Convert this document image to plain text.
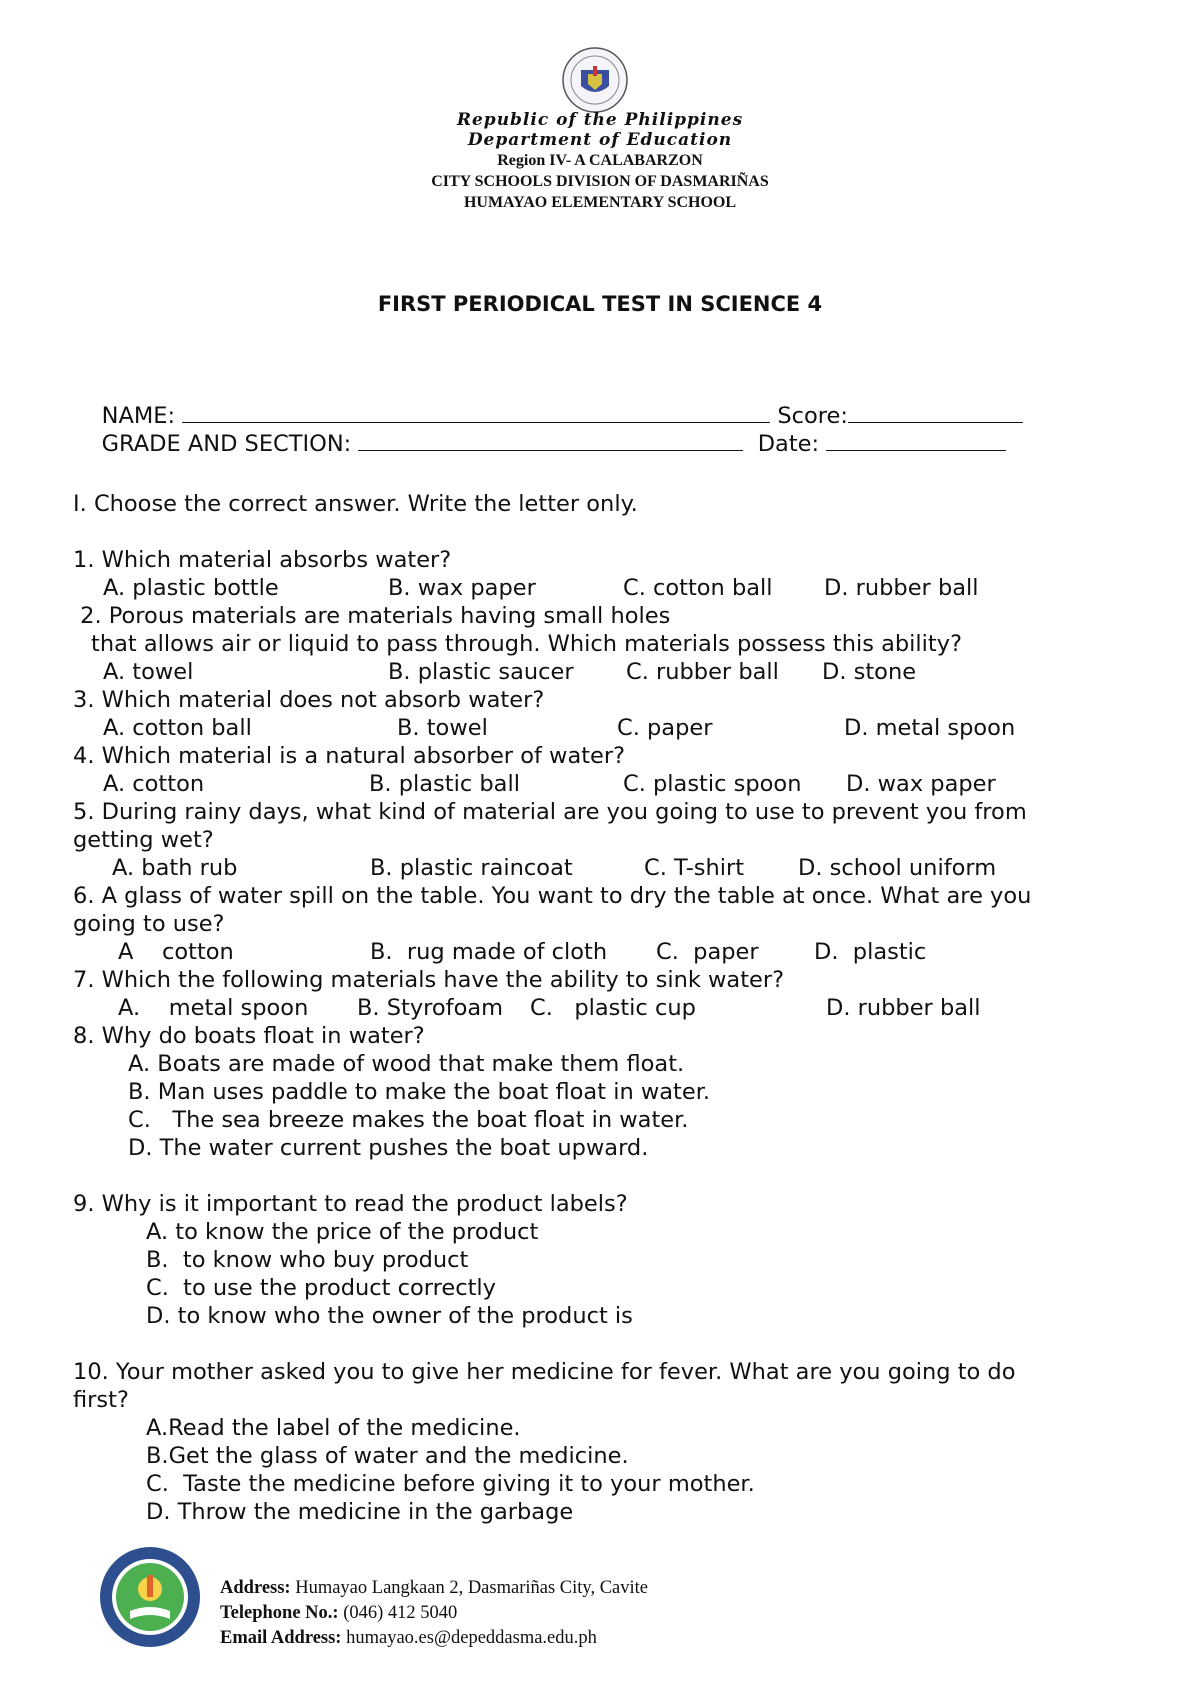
Republic of the Philippines
Department of Education
Region IV- A CALABARZON
CITY SCHOOLS DIVISION OF DASMARIÑAS
HUMAYAO ELEMENTARY SCHOOL
FIRST PERIODICAL TEST IN SCIENCE 4

NAME:	Score:

GRADE AND SECTION:	Date:

I. Choose the correct answer. Write the letter only.
1. Which material absorbs water?
A. plastic bottle	B. wax paper	C. cotton ball D. rubber ball
2. Porous materials are materials having small holes
that allows air or liquid to pass through. Which materials possess this ability?
A. towel	B. plastic saucer C. rubber ball D. stone
3. Which material does not absorb water?
A. cotton ball	B. towel	C. paper	D. metal spoon
4. Which material is a natural absorber of water?
A. cotton	B. plastic ball	C. plastic spoon D. wax paper
5. During rainy days, what kind of material are you going to use to prevent you from
getting wet?
A. bath rub	B. plastic raincoat	C. T-shirt D. school uniform
6. A glass of water spill on the table. You want to dry the table at once. What are you
going to use?
A    cotton	B.  rug made of cloth C.  paper D.  plastic
7. Which the following materials have the ability to sink water?
A.    metal spoon B. Styrofoam C.   plastic cup	D. rubber ball
8. Why do boats float in water?
A. Boats are made of wood that make them float.
B. Man uses paddle to make the boat float in water.
C.   The sea breeze makes the boat float in water.
D. The water current pushes the boat upward.
9. Why is it important to read the product labels?
A. to know the price of the product
B.  to know who buy product
C.  to use the product correctly
D. to know who the owner of the product is
10. Your mother asked you to give her medicine for fever. What are you going to do
first?
A.Read the label of the medicine.
B.Get the glass of water and the medicine.
C.  Taste the medicine before giving it to your mother.
D. Throw the medicine in the garbage
Address: Humayao Langkaan 2, Dasmariñas City, Cavite
Telephone No.: (046) 412 5040
Email Address: humayao.es@depeddasma.edu.ph
